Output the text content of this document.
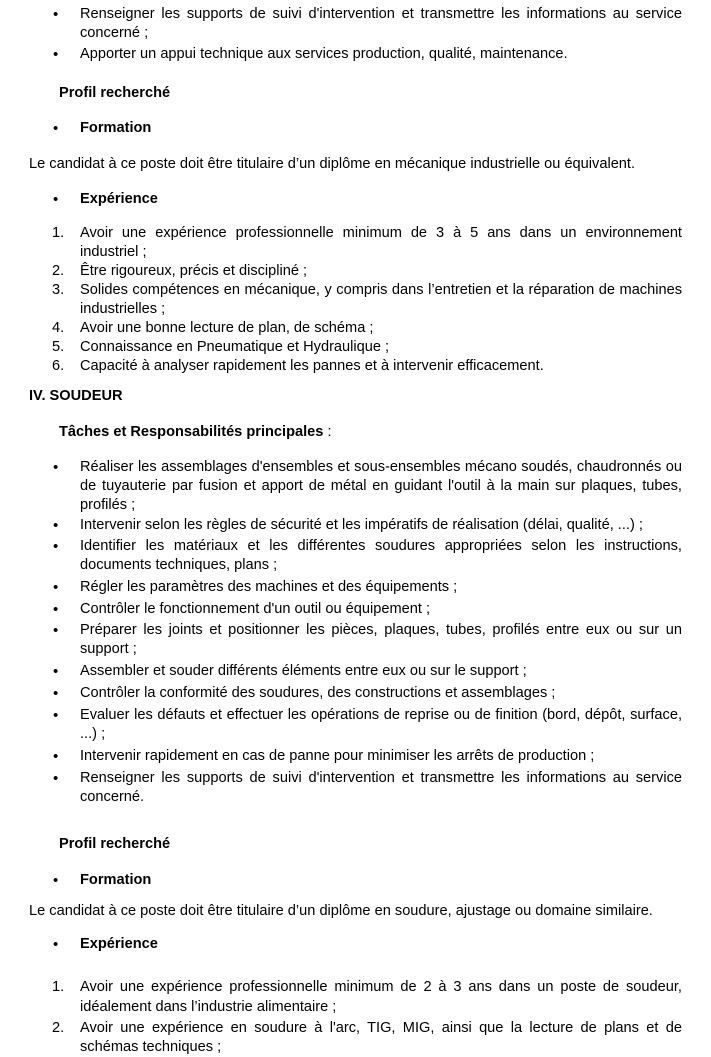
• Renseigner les supports de suivi d'intervention et transmettre les informations au service concerné ;
• Apporter un appui technique aux services production, qualité, maintenance.
Profil recherché
• Formation
Le candidat à ce poste doit être titulaire d’un diplôme en mécanique industrielle ou équivalent.
• Expérience
1. Avoir une expérience professionnelle minimum de 3 à 5 ans dans un environnement industriel ;
2. Être rigoureux, précis et discipliné ;
3. Solides compétences en mécanique, y compris dans l’entretien et la réparation de machines industrielles ;
4. Avoir une bonne lecture de plan, de schéma ;
5. Connaissance en Pneumatique et Hydraulique ;
6. Capacité à analyser rapidement les pannes et à intervenir efficacement.
IV. SOUDEUR
Tâches et Responsabilités principales :
• Réaliser les assemblages d'ensembles et sous-ensembles mécano soudés, chaudronnés ou de tuyauterie par fusion et apport de métal en guidant l'outil à la main sur plaques, tubes, profilés ;
• Intervenir selon les règles de sécurité et les impératifs de réalisation (délai, qualité, ...) ;
• Identifier les matériaux et les différentes soudures appropriées selon les instructions, documents techniques, plans ;
• Régler les paramètres des machines et des équipements ;
• Contrôler le fonctionnement d'un outil ou équipement ;
• Préparer les joints et positionner les pièces, plaques, tubes, profilés entre eux ou sur un support ;
• Assembler et souder différents éléments entre eux ou sur le support ;
• Contrôler la conformité des soudures, des constructions et assemblages ;
• Evaluer les défauts et effectuer les opérations de reprise ou de finition (bord, dépôt, surface, ...) ;
• Intervenir rapidement en cas de panne pour minimiser les arrêts de production ;
• Renseigner les supports de suivi d'intervention et transmettre les informations au service concerné.
Profil recherché
• Formation
Le candidat à ce poste doit être titulaire d’un diplôme en soudure, ajustage ou domaine similaire.
• Expérience
1. Avoir une expérience professionnelle minimum de 2 à 3 ans dans un poste de soudeur, idéalement dans l’industrie alimentaire ;
2. Avoir une expérience en soudure à l'arc, TIG, MIG, ainsi que la lecture de plans et de schémas techniques ;
